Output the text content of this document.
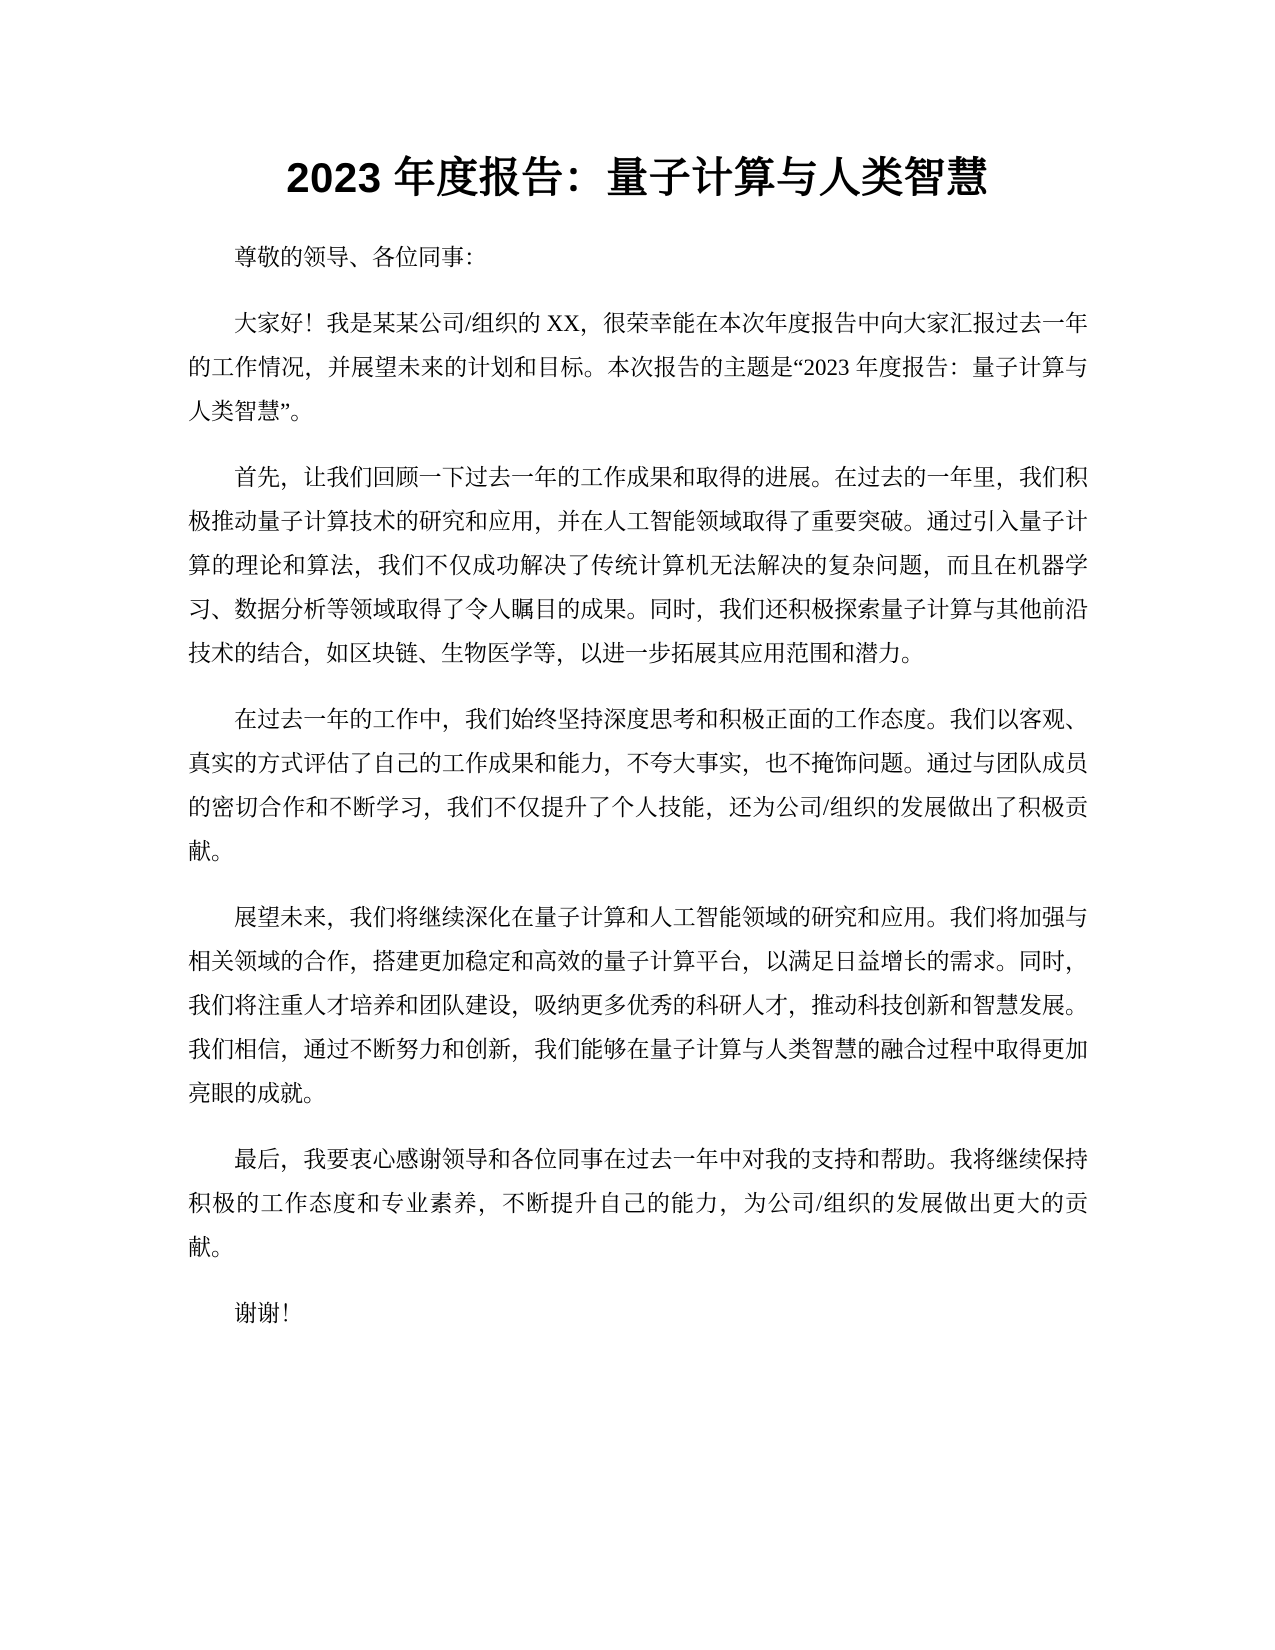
2023 年度报告：量子计算与人类智慧

尊敬的领导、各位同事：

大家好！我是某某公司/组织的 XX，很荣幸能在本次年度报告中向大家汇报过去一年的工作情况，并展望未来的计划和目标。本次报告的主题是“2023 年度报告：量子计算与人类智慧”。

首先，让我们回顾一下过去一年的工作成果和取得的进展。在过去的一年里，我们积极推动量子计算技术的研究和应用，并在人工智能领域取得了重要突破。通过引入量子计算的理论和算法，我们不仅成功解决了传统计算机无法解决的复杂问题，而且在机器学习、数据分析等领域取得了令人瞩目的成果。同时，我们还积极探索量子计算与其他前沿技术的结合，如区块链、生物医学等，以进一步拓展其应用范围和潜力。

在过去一年的工作中，我们始终坚持深度思考和积极正面的工作态度。我们以客观、真实的方式评估了自己的工作成果和能力，不夸大事实，也不掩饰问题。通过与团队成员的密切合作和不断学习，我们不仅提升了个人技能，还为公司/组织的发展做出了积极贡献。

展望未来，我们将继续深化在量子计算和人工智能领域的研究和应用。我们将加强与相关领域的合作，搭建更加稳定和高效的量子计算平台，以满足日益增长的需求。同时，我们将注重人才培养和团队建设，吸纳更多优秀的科研人才，推动科技创新和智慧发展。我们相信，通过不断努力和创新，我们能够在量子计算与人类智慧的融合过程中取得更加亮眼的成就。

最后，我要衷心感谢领导和各位同事在过去一年中对我的支持和帮助。我将继续保持积极的工作态度和专业素养，不断提升自己的能力，为公司/组织的发展做出更大的贡献。

谢谢！
